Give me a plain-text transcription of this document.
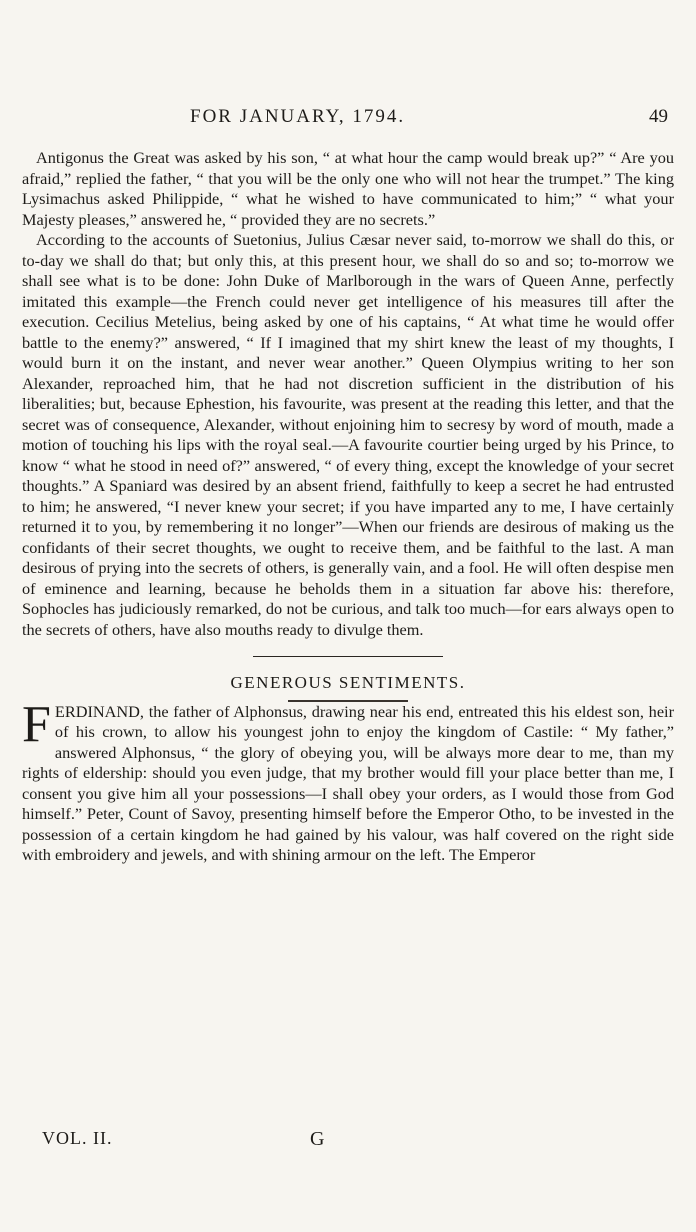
FOR JANUARY, 1794.	49

Antigonus the Great was asked by his son, “ at what hour the camp would break up?” “ Are you afraid,” replied the father, “ that you will be the only one who will not hear the trumpet.” The king Lysimachus asked Philippide, “ what he wished to have communicated to him;” “ what your Majesty pleases,” answered he, “ provided they are no secrets.”

According to the accounts of Suetonius, Julius Cæsar never said, to-morrow we shall do this, or to-day we shall do that; but only this, at this present hour, we shall do so and so; to-morrow we shall see what is to be done: John Duke of Marlborough in the wars of Queen Anne, perfectly imitated this example—the French could never get intelligence of his measures till after the execution. Cecilius Metelius, being asked by one of his captains, “ At what time he would offer battle to the enemy?” answered, “ If I imagined that my shirt knew the least of my thoughts, I would burn it on the instant, and never wear another.” Queen Olympius writing to her son Alexander, reproached him, that he had not discretion sufficient in the distribution of his liberalities; but, because Ephestion, his favourite, was present at the reading this letter, and that the secret was of consequence, Alexander, without enjoining him to secresy by word of mouth, made a motion of touching his lips with the royal seal.—A favourite courtier being urged by his Prince, to know “ what he stood in need of?” answered, “ of every thing, except the knowledge of your secret thoughts.” A Spaniard was desired by an absent friend, faithfully to keep a secret he had entrusted to him; he answered, “I never knew your secret; if you have imparted any to me, I have certainly returned it to you, by remembering it no longer”—When our friends are desirous of making us the confidants of their secret thoughts, we ought to receive them, and be faithful to the last. A man desirous of prying into the secrets of others, is generally vain, and a fool. He will often despise men of eminence and learning, because he beholds them in a situation far above his: therefore, Sophocles has judiciously remarked, do not be curious, and talk too much—for ears always open to the secrets of others, have also mouths ready to divulge them.

GENEROUS SENTIMENTS.

FERDINAND, the father of Alphonsus, drawing near his end, entreated this his eldest son, heir of his crown, to allow his youngest john to enjoy the kingdom of Castile: “ My father,” answered Alphonsus, “ the glory of obeying you, will be always more dear to me, than my rights of eldership: should you even judge, that my brother would fill your place better than me, I consent you give him all your possessions—I shall obey your orders, as I would those from God himself.” Peter, Count of Savoy, presenting himself before the Emperor Otho, to be invested in the possession of a certain kingdom he had gained by his valour, was half covered on the right side with embroidery and jewels, and with shining armour on the left. The Emperor

VOL. II.	G
